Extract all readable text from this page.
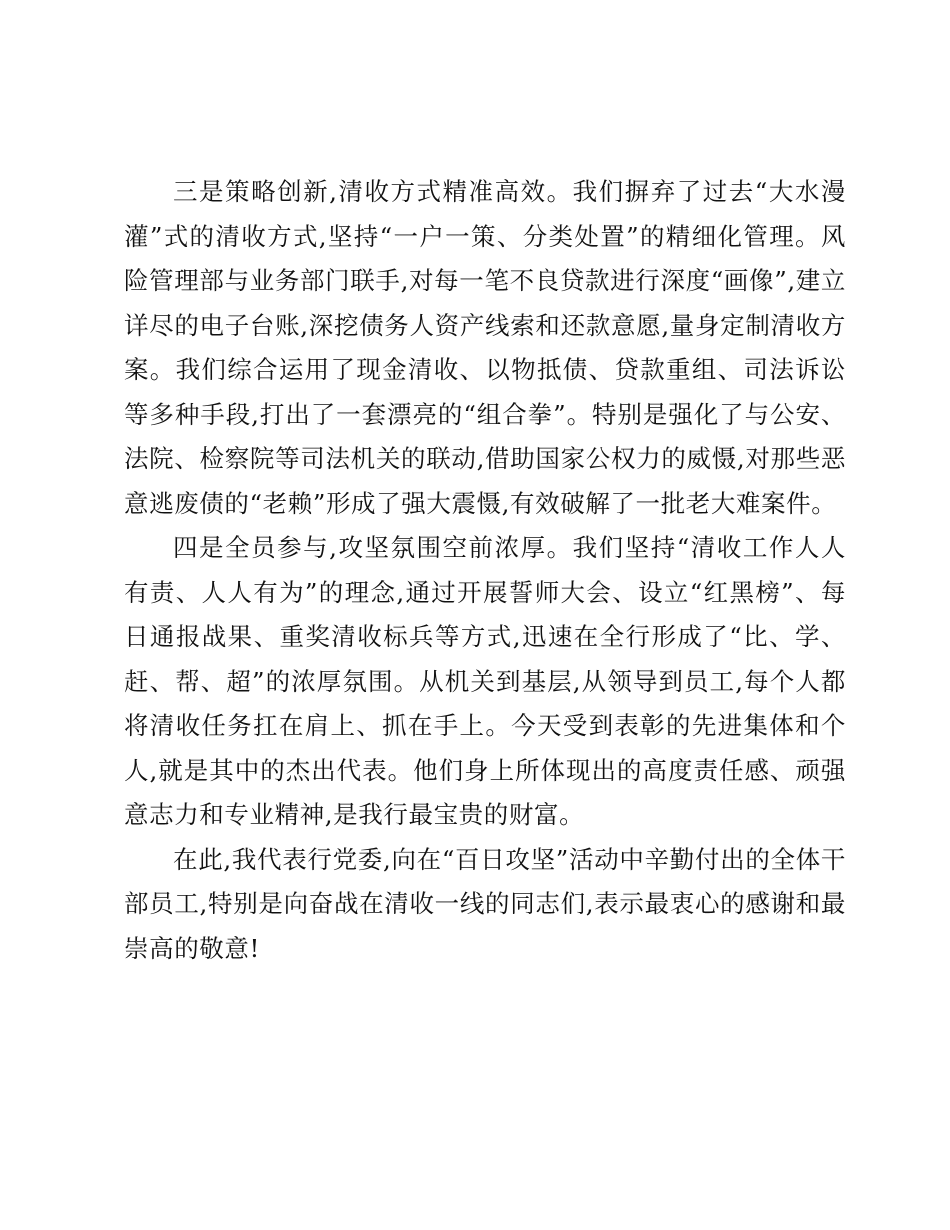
三是策略创新,清收方式精准高效。我们摒弃了过去“大水漫灌”式的清收方式,坚持“一户一策、分类处置”的精细化管理。风险管理部与业务部门联手,对每一笔不良贷款进行深度“画像”,建立详尽的电子台账,深挖债务人资产线索和还款意愿,量身定制清收方案。我们综合运用了现金清收、以物抵债、贷款重组、司法诉讼等多种手段,打出了一套漂亮的“组合拳”。特别是强化了与公安、法院、检察院等司法机关的联动,借助国家公权力的威慑,对那些恶意逃废债的“老赖”形成了强大震慑,有效破解了一批老大难案件。

四是全员参与,攻坚氛围空前浓厚。我们坚持“清收工作人人有责、人人有为”的理念,通过开展誓师大会、设立“红黑榜”、每日通报战果、重奖清收标兵等方式,迅速在全行形成了“比、学、赶、帮、超”的浓厚氛围。从机关到基层,从领导到员工,每个人都将清收任务扛在肩上、抓在手上。今天受到表彰的先进集体和个人,就是其中的杰出代表。他们身上所体现出的高度责任感、顽强意志力和专业精神,是我行最宝贵的财富。

在此,我代表行党委,向在“百日攻坚”活动中辛勤付出的全体干部员工,特别是向奋战在清收一线的同志们,表示最衷心的感谢和最崇高的敬意!
